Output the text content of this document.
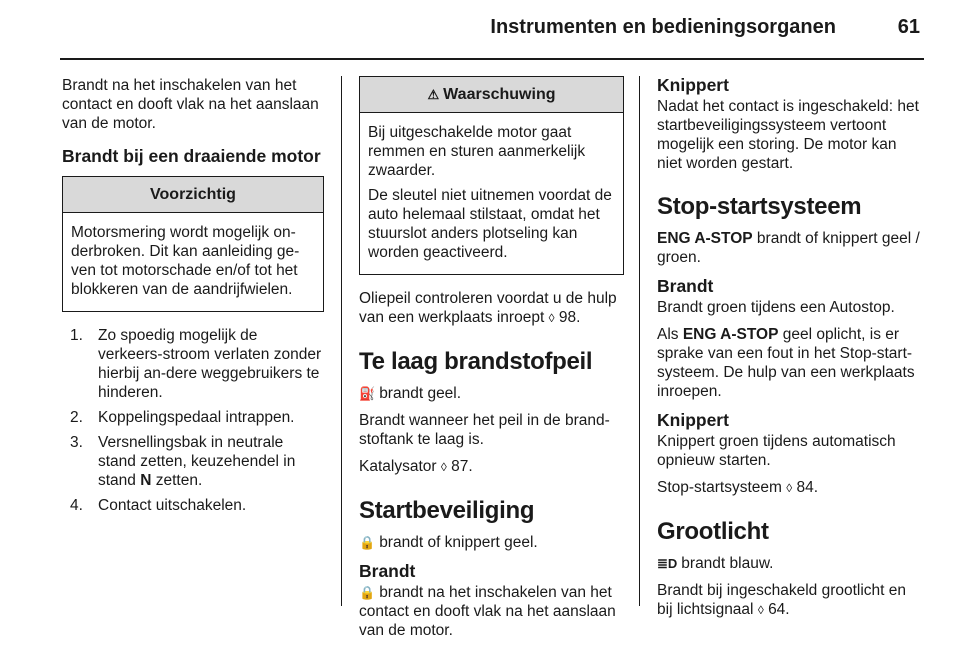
Instrumenten en bedieningsorganen	61

Brandt na het inschakelen van het contact en dooft vlak na het aanslaan van de motor.

Brandt bij een draaiende motor
Voorzichtig

Motorsmering wordt mogelijk on-derbroken. Dit kan aanleiding ge-ven tot motorschade en/of tot het blokkeren van de aandrijfwielen.

1. Zo spoedig mogelijk de verkeers-stroom verlaten zonder hierbij an-dere weggebruikers te hinderen.
2. Koppelingspedaal intrappen.
3. Versnellingsbak in neutrale stand zetten, keuzehendel in stand N zetten.
4. Contact uitschakelen.
⚠ Waarschuwing

Bij uitgeschakelde motor gaat remmen en sturen aanmerkelijk zwaarder.

De sleutel niet uitnemen voordat de auto helemaal stilstaat, omdat het stuurslot anders plotseling kan worden geactiveerd.

Oliepeil controleren voordat u de hulp van een werkplaats inroept ◊ 98.

Te laag brandstofpeil

⛽ brandt geel.

Brandt wanneer het peil in de brand-stoftank te laag is.

Katalysator ◊ 87.

Startbeveiliging

🔒 brandt of knippert geel.

Brandt

🔒 brandt na het inschakelen van het contact en dooft vlak na het aanslaan van de motor.

Knippert

Nadat het contact is ingeschakeld: het startbeveiligingssysteem vertoont mogelijk een storing. De motor kan niet worden gestart.

Stop-startsysteem

ENG A-STOP brandt of knippert geel / groen.

Brandt

Brandt groen tijdens een Autostop.

Als ENG A-STOP geel oplicht, is er sprake van een fout in het Stop-start-systeem. De hulp van een werkplaats inroepen.

Knippert

Knippert groen tijdens automatisch opnieuw starten.

Stop-startsysteem ◊ 84.

Grootlicht

≣D brandt blauw.

Brandt bij ingeschakeld grootlicht en bij lichtsignaal ◊ 64.
